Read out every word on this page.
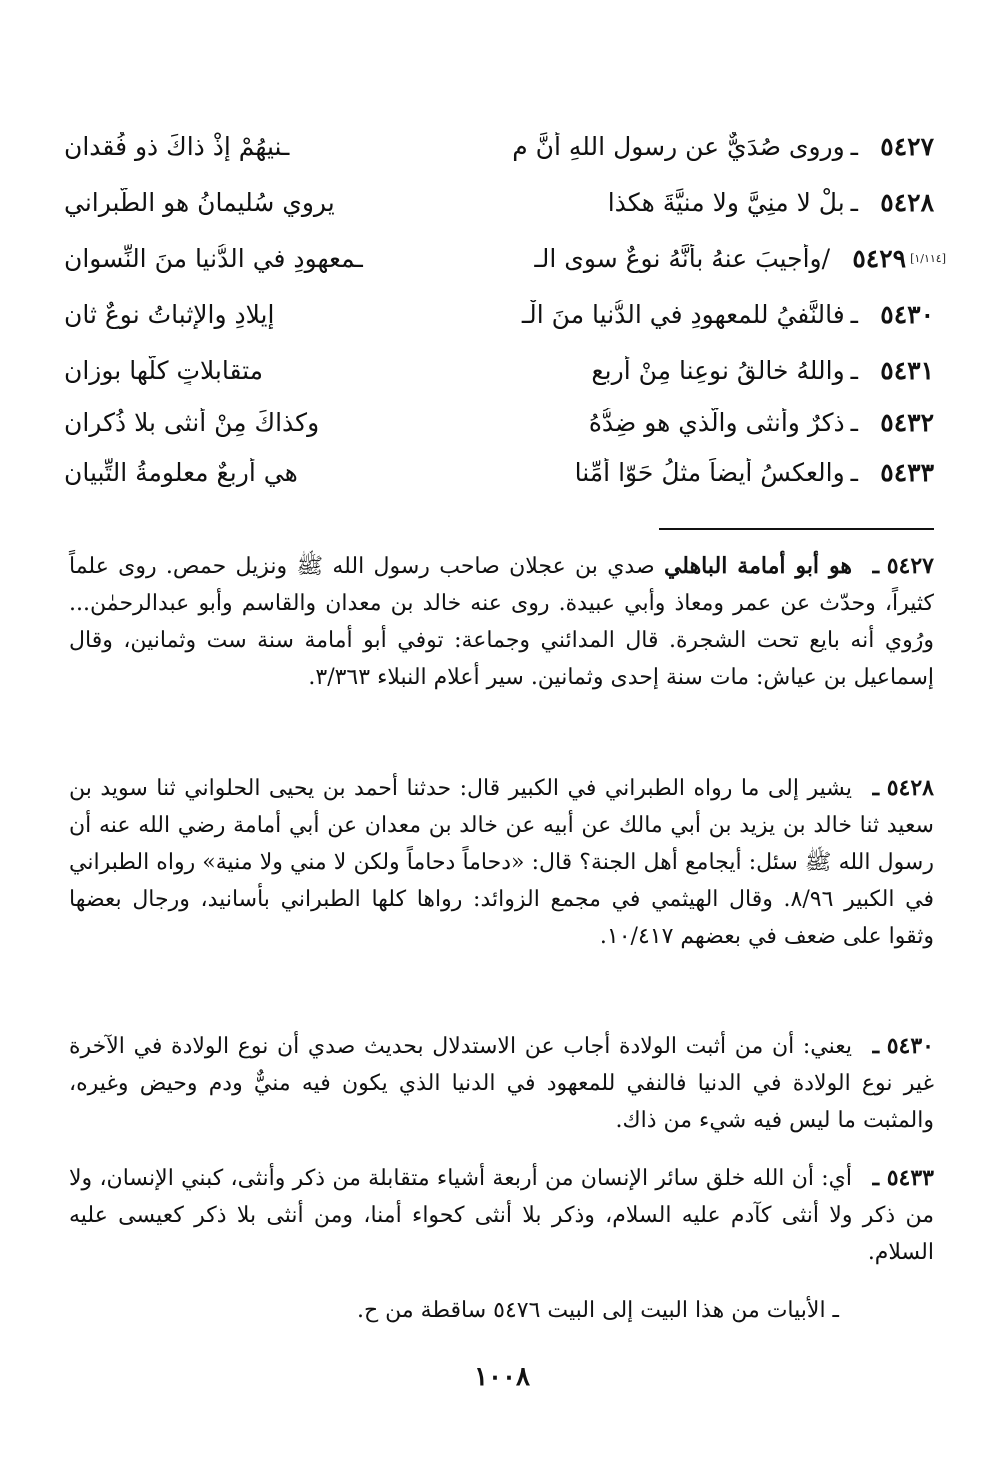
٥٤٢٧
ـ
وروى صُدَيٌّ عن رسولِ اللهِ أنَّ م
ـنيهُمْ إذْ ذاكَ ذو فُقدانِ
٥٤٢٨
ـ
بلْ لا منِيَّ ولا منيَّةَ هكذا
يروي سُليمانُ هو الطَّبراني
[١/١١٤]
٥٤٢٩
/وأُجيبَ عنهُ بأنَّهُ نوعٌ سوى الـ
ـمعهودِ في الدُّنيا منَ النِّسوانِ
٥٤٣٠
ـ
فالنَّفيُ للمعهودِ في الدُّنيا منَ الْـ
إيلادِ والإثباتُ نوعٌ ثانِ
٥٤٣١
ـ
واللهُ خالقُ نوعِنا مِنْ أربعٍ
متقابلاتٍ كلُّها بوزانِ
٥٤٣٢
ـ
ذكرٌ وأنثى والّذي هو ضِدُّهُ
وكذاكَ مِنْ أُنثى بلا ذُكرانِ
٥٤٣٣
ـ
والعكسُ أيضاً مثلُ حَوّا أمِّنا
هي أربعٌ معلومةُ التِّبيانِ
٥٤٢٧ ـهو أبو أمامة الباهلي صدي بن عجلان صاحب رسول الله ﷺ ونزيل حمص. روى علماً كثيراً، وحدّث عن عمر ومعاذ وأبي عبيدة. روى عنه خالد بن معدان والقاسم وأبو عبدالرحمٰن... ورُوي أنه بايع تحت الشجرة. قال المدائني وجماعة: توفي أبو أمامة سنة ست وثمانين، وقال إسماعيل بن عياش: مات سنة إحدى وثمانين. سير أعلام النبلاء ٣/٣٦٣.
٥٤٢٨ ـيشير إلى ما رواه الطبراني في الكبير قال: حدثنا أحمد بن يحيى الحلواني ثنا سويد بن سعيد ثنا خالد بن يزيد بن أبي مالك عن أبيه عن خالد بن معدان عن أبي أمامة رضي الله عنه أن رسول الله ﷺ سئل: أيجامع أهل الجنة؟ قال: «دحاماً دحاماً ولكن لا مني ولا منية» رواه الطبراني في الكبير ٨/٩٦. وقال الهيثمي في مجمع الزوائد: رواها كلها الطبراني بأسانيد، ورجال بعضها وثقوا على ضعف في بعضهم ١٠/٤١٧.
٥٤٣٠ ـيعني: أن من أثبت الولادة أجاب عن الاستدلال بحديث صدي أن نوع الولادة في الآخرة غير نوع الولادة في الدنيا فالنفي للمعهود في الدنيا الذي يكون فيه منيٌّ ودم وحيض وغيره، والمثبت ما ليس فيه شيء من ذاك.
٥٤٣٣ ـأي: أن الله خلق سائر الإنسان من أربعة أشياء متقابلة من ذكر وأنثى، كبني الإنسان، ولا من ذكر ولا أنثى كآدم عليه السلام، وذكر بلا أنثى كحواء أمنا، ومن أنثى بلا ذكر كعيسى عليه السلام.
ـ الأبيات من هذا البيت إلى البيت ٥٤٧٦ ساقطة من ح.
١٠٠٨
